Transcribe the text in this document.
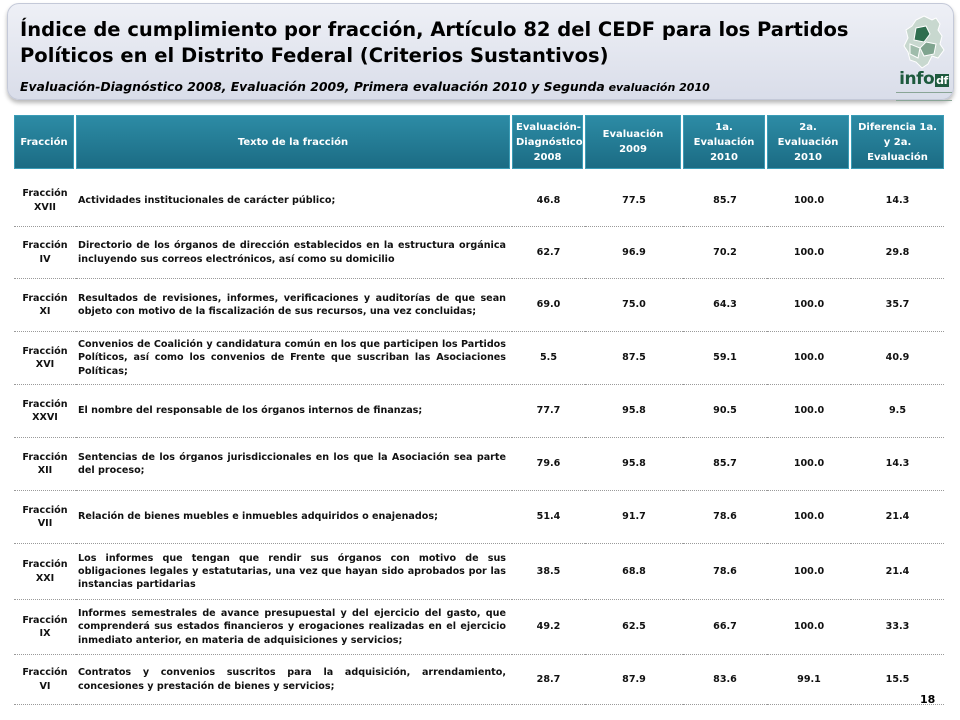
Índice de cumplimiento por fracción, Artículo 82 del CEDF para los Partidos Políticos en el Distrito Federal (Criterios Sustantivos)
Evaluación-Diagnóstico 2008, Evaluación 2009, Primera evaluación 2010 y Segunda evaluación 2010	info df
Fracción	Texto de la fracción	Evaluación-Diagnóstico 2008	Evaluación 2009	1a. Evaluación 2010	2a. Evaluación 2010	Diferencia 1a. y 2a. Evaluación

Fracción XVII	Actividades institucionales de carácter público;	46.8	77.5	85.7	100.0	14.3
Fracción IV	Directorio de los órganos de dirección establecidos en la estructura orgánica incluyendo sus correos electrónicos, así como su domicilio	62.7	96.9	70.2	100.0	29.8
Fracción XI	Resultados de revisiones, informes, verificaciones y auditorías de que sean objeto con motivo de la fiscalización de sus recursos, una vez concluidas;	69.0	75.0	64.3	100.0	35.7
Fracción XVI	Convenios de Coalición y candidatura común en los que participen los Partidos Políticos, así como los convenios de Frente que suscriban las Asociaciones Políticas;	5.5	87.5	59.1	100.0	40.9
Fracción XXVI	El nombre del responsable de los órganos internos de finanzas;	77.7	95.8	90.5	100.0	9.5
Fracción XII	Sentencias de los órganos jurisdiccionales en los que la Asociación sea parte del proceso;	79.6	95.8	85.7	100.0	14.3
Fracción VII	Relación de bienes muebles e inmuebles adquiridos o enajenados;	51.4	91.7	78.6	100.0	21.4
Fracción XXI	Los informes que tengan que rendir sus órganos con motivo de sus obligaciones legales y estatutarias, una vez que hayan sido aprobados por las instancias partidarias	38.5	68.8	78.6	100.0	21.4
Fracción IX	Informes semestrales de avance presupuestal y del ejercicio del gasto, que comprenderá sus estados financieros y erogaciones realizadas en el ejercicio inmediato anterior, en materia de adquisiciones y servicios;	49.2	62.5	66.7	100.0	33.3
Fracción VI	Contratos y convenios suscritos para la adquisición, arrendamiento, concesiones y prestación de bienes y servicios;	28.7	87.9	83.6	99.1	15.5
18
